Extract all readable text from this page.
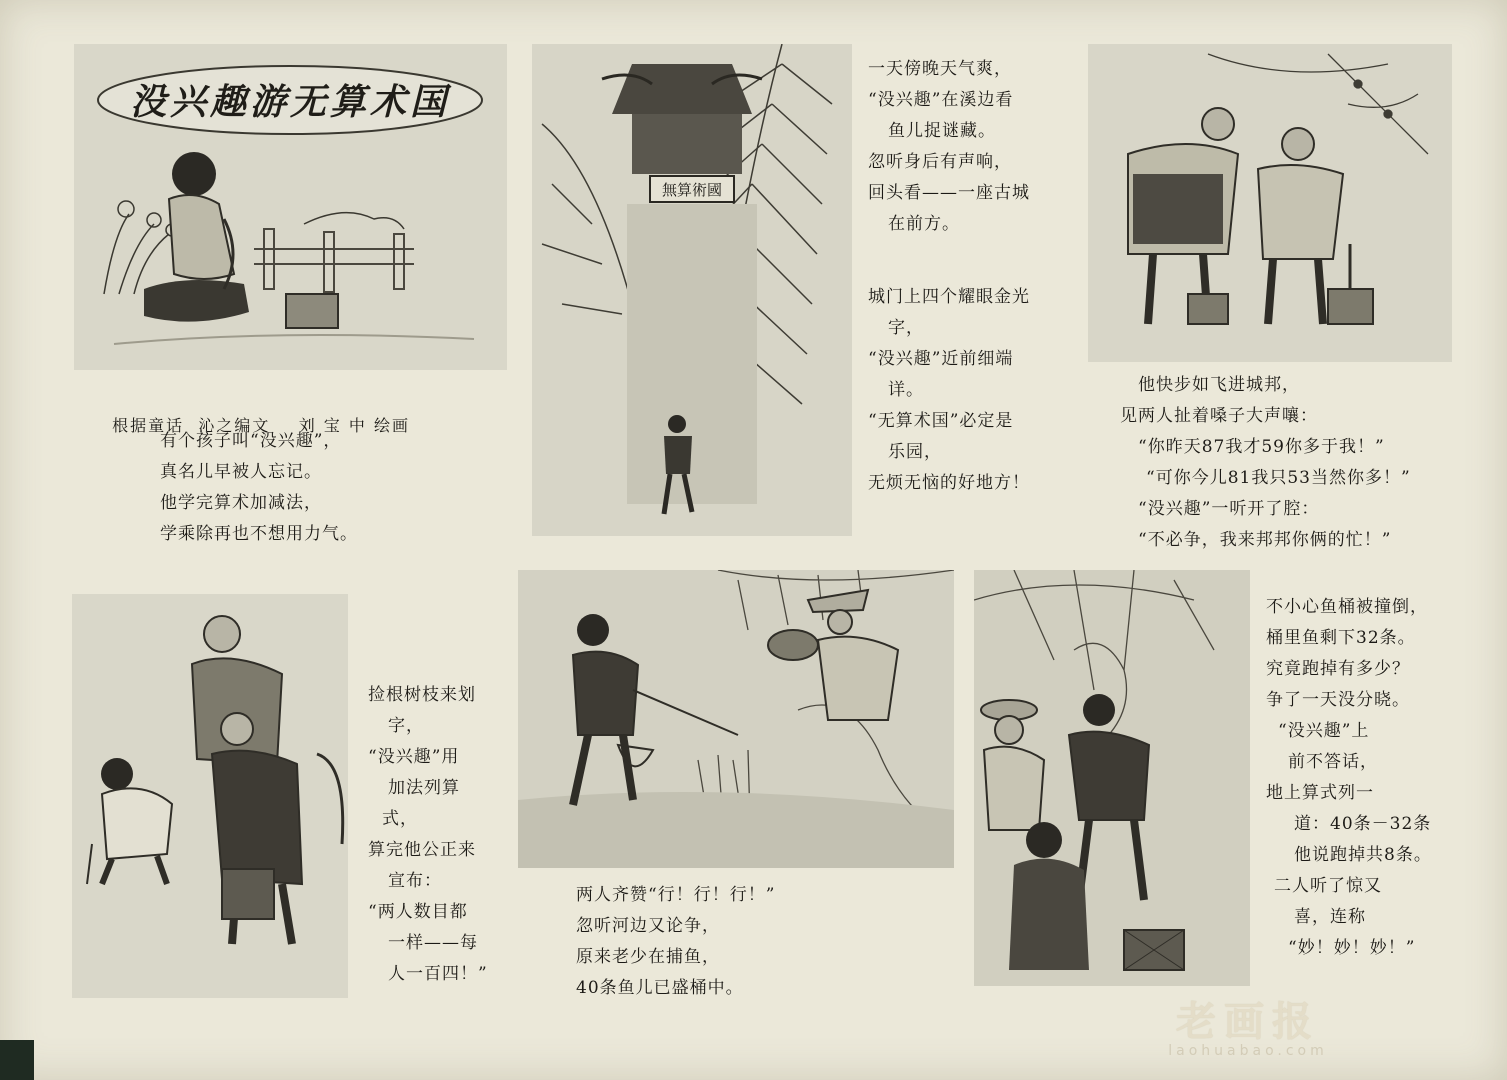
没兴趣游无算术国

根据童话 沁之编文 刘 宝 中 绘画

有个孩子叫“没兴趣”，
真名儿早被人忘记。
他学完算术加减法，
学乘除再也不想用力气。
無算術國
一天傍晚天气爽，
“没兴趣”在溪边看
鱼儿捉谜藏。
忽听身后有声响，
回头看——一座古城
在前方。
城门上四个耀眼金光
字，
“没兴趣”近前细端
详。
“无算术国”必定是
乐园，
无烦无恼的好地方！
他快步如飞进城邦，
见两人扯着嗓子大声嚷：
“你昨天87我才59你多于我！”
“可你今儿81我只53当然你多！”
“没兴趣”一听开了腔：
“不必争，我来邦邦你俩的忙！”
捡根树枝来划
字，
“没兴趣”用
加法列算
式，
算完他公正来
宣布：
“两人数目都
一样——每
人一百四！”
两人齐赞“行！行！行！”
忽听河边又论争，
原来老少在捕鱼，
40条鱼儿已盛桶中。
不小心鱼桶被撞倒，
桶里鱼剩下32条。
究竟跑掉有多少？
争了一天没分晓。
“没兴趣”上
前不答话，
地上算式列一
道：40条－32条
他说跑掉共8条。
二人听了惊又
喜，连称
“妙！妙！妙！”
老画报
laohuabao.com
